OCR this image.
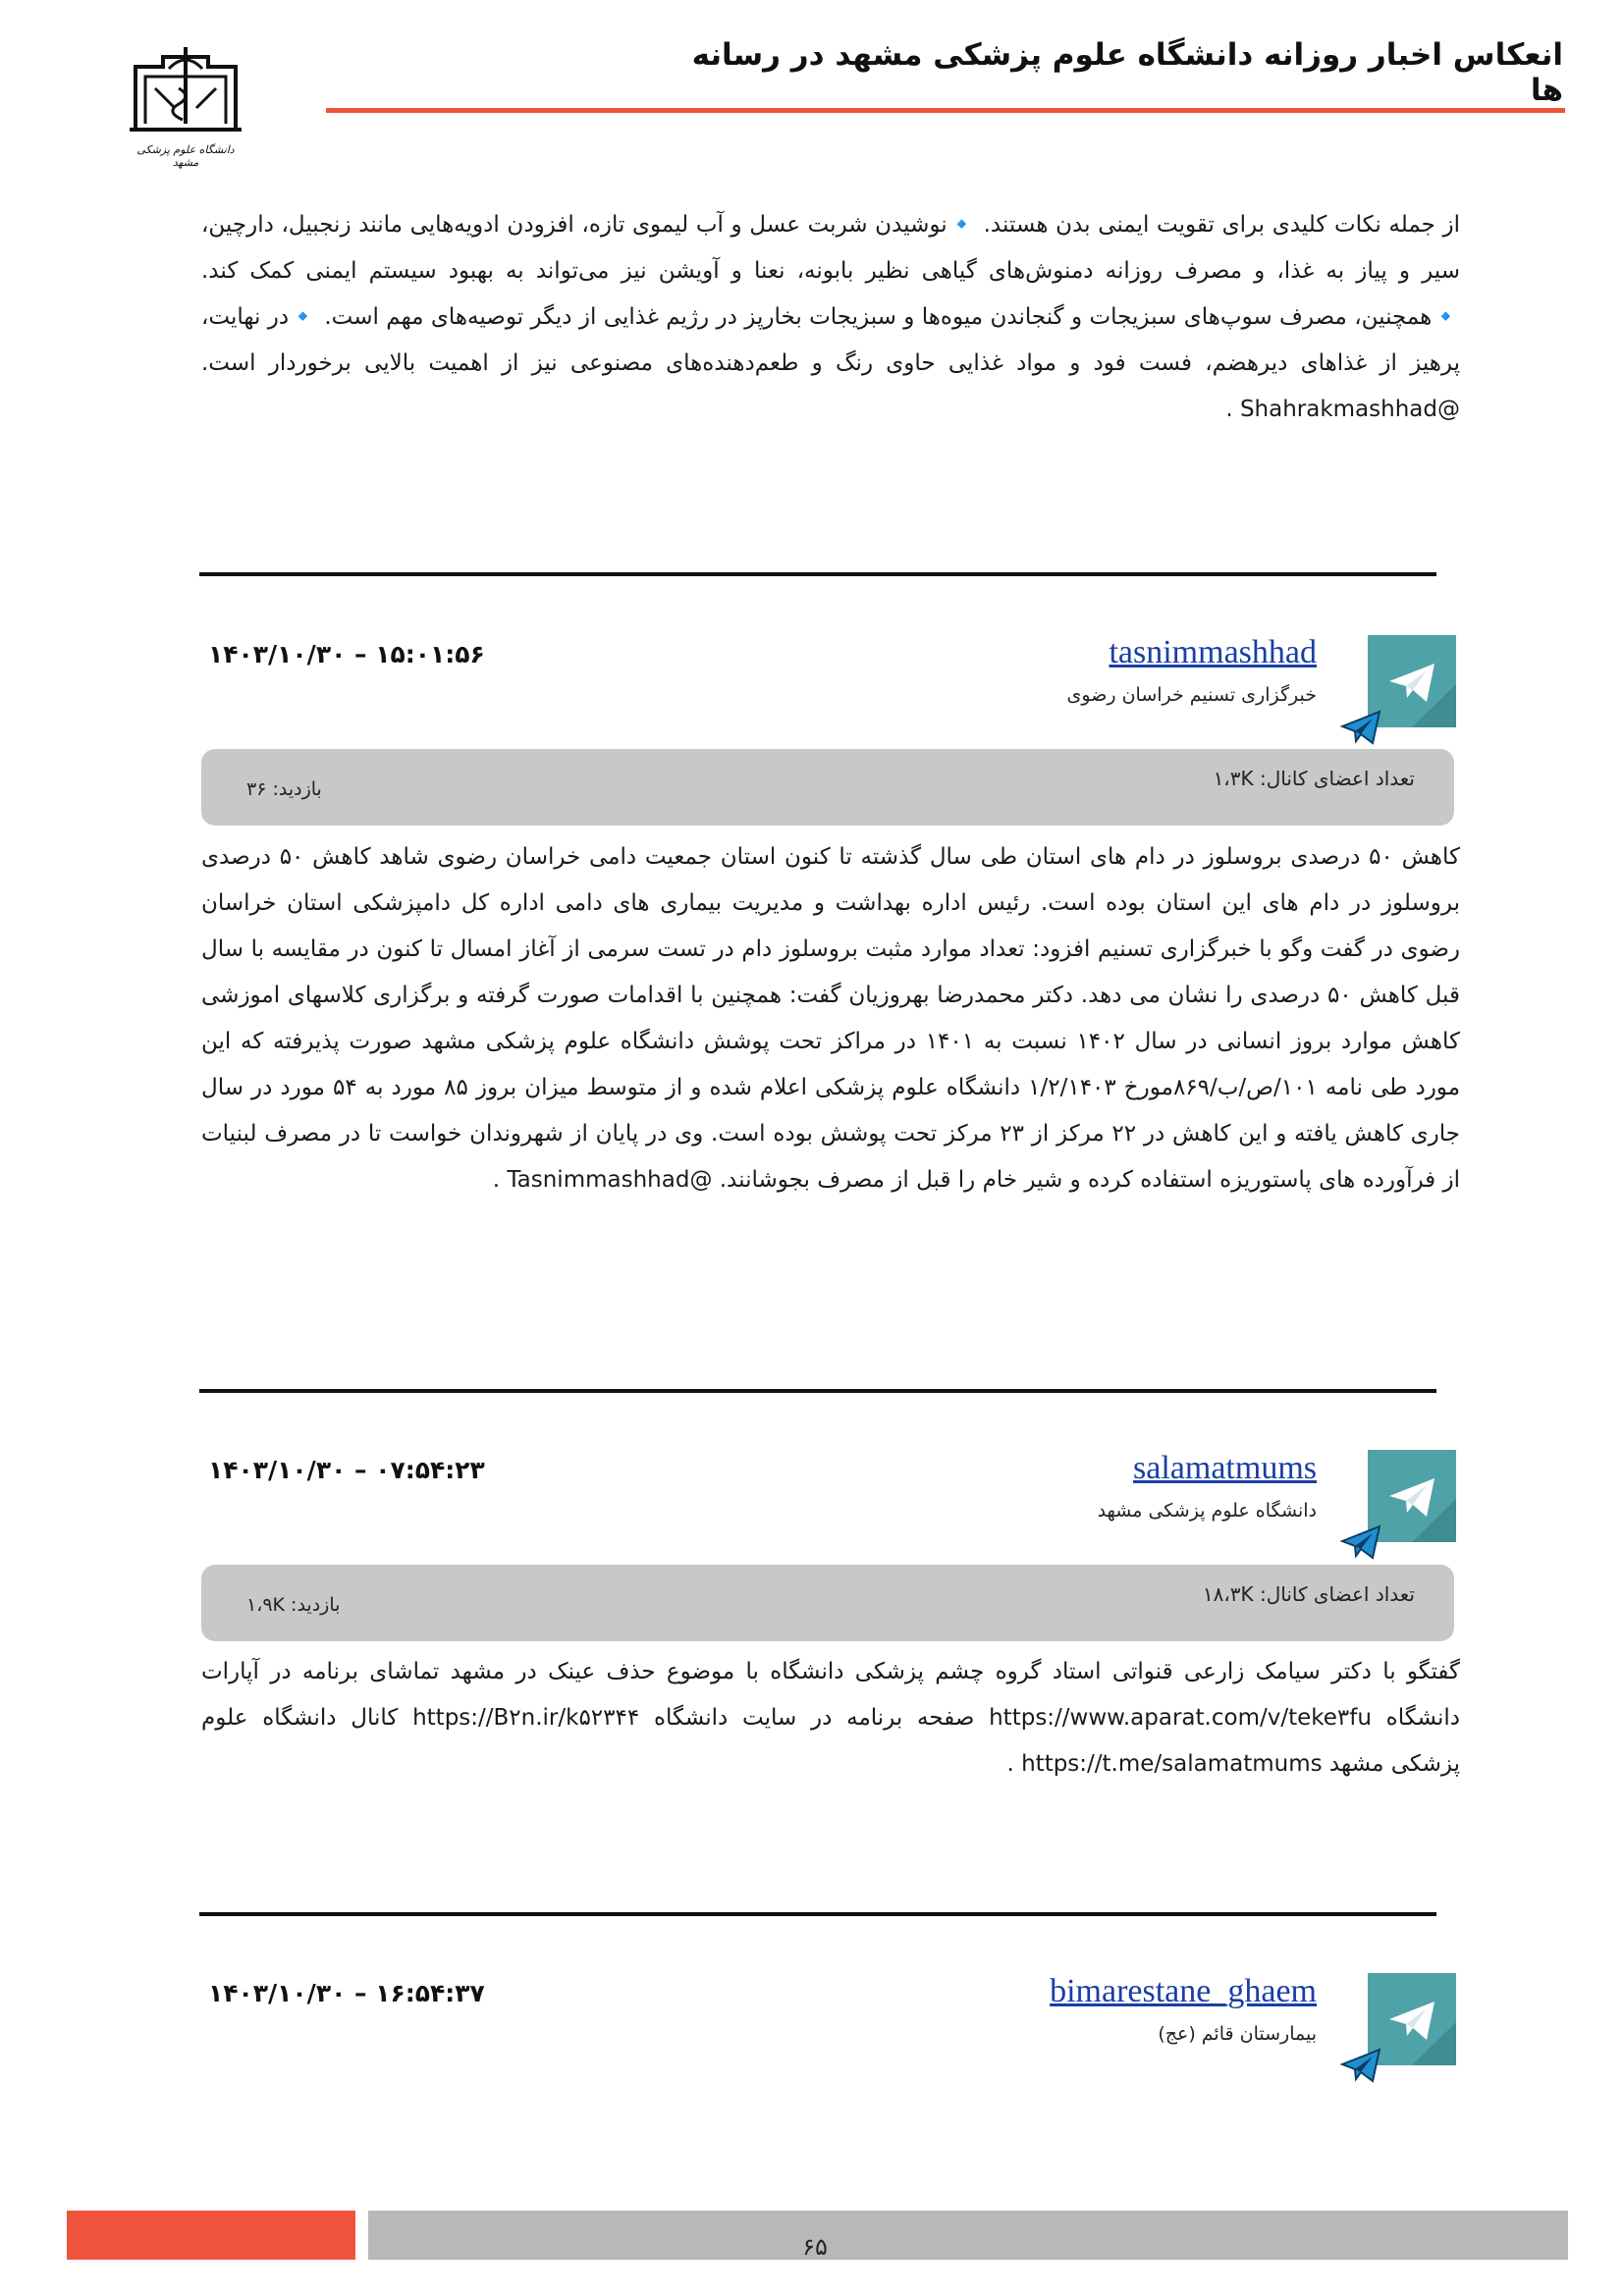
انعکاس اخبار روزانه دانشگاه علوم پزشکی مشهد در رسانه ها
دانشگاه علوم پزشکی مشهد
از جمله نکات کلیدی برای تقویت ایمنی بدن هستند. 🔹نوشیدن شربت عسل و آب لیموی تازه، افزودن ادویه‌هایی مانند زنجبیل، دارچین، سیر و پیاز به غذا، و مصرف روزانه دمنوش‌های گیاهی نظیر بابونه، نعنا و آویشن نیز می‌تواند به بهبود سیستم ایمنی کمک کند. 🔹همچنین، مصرف سوپ‌های سبزیجات و گنجاندن میوه‌ها و سبزیجات بخارپز در رژیم غذایی از دیگر توصیه‌های مهم است. 🔹در نهایت، پرهیز از غذاهای دیرهضم، فست فود و مواد غذایی حاوی رنگ و طعم‌دهنده‌های مصنوعی نیز از اهمیت بالایی برخوردار است. @Shahrakmashhad .
tasnimmashhad
خبرگزاری تسنیم خراسان رضوی
۱۴۰۳/۱۰/۳۰ – ۱۵:۰۱:۵۶
تعداد اعضای کانال: ۱،۳K
بازدید: ۳۶
کاهش ۵۰ درصدی بروسلوز در دام های استان طی سال گذشته تا کنون استان جمعیت دامی خراسان رضوی شاهد کاهش ۵۰ درصدی بروسلوز در دام های این استان بوده است. رئیس اداره بهداشت و مدیریت بیماری های دامی اداره کل دامپزشکی استان خراسان رضوی در گفت وگو با خبرگزاری تسنیم افزود: تعداد موارد مثبت بروسلوز دام در تست سرمی از آغاز امسال تا کنون در مقایسه با سال قبل کاهش ۵۰ درصدی را نشان می دهد. دکتر محمدرضا بهروزیان گفت: همچنین با اقدامات صورت گرفته و برگزاری کلاسهای اموزشی کاهش موارد بروز انسانی در سال ۱۴۰۲ نسبت به ۱۴۰۱ در مراکز تحت پوشش دانشگاه علوم پزشکی مشهد صورت پذیرفته که این مورد طی نامه ۱۰۱/ص/ب/۸۶۹مورخ ۱/۲/۱۴۰۳ دانشگاه علوم پزشکی اعلام شده و از متوسط میزان بروز ۸۵ مورد به ۵۴ مورد در سال جاری کاهش یافته و این کاهش در ۲۲ مرکز از ۲۳ مرکز تحت پوشش بوده است. وی در پایان از شهروندان خواست تا در مصرف لبنیات از فرآورده های پاستوریزه استفاده کرده و شیر خام را قبل از مصرف بجوشانند. @Tasnimmashhad .
salamatmums
دانشگاه علوم پزشکی مشهد
۱۴۰۳/۱۰/۳۰ – ۰۷:۵۴:۲۳
تعداد اعضای کانال: ۱۸،۳K
بازدید: ۱،۹K
گفتگو با دکتر سیامک زارعی قنواتی استاد گروه چشم پزشکی دانشگاه با موضوع حذف عینک در مشهد تماشای برنامه در آپارات دانشگاه https://www.aparat.com/v/teke۳fu صفحه برنامه در سایت دانشگاه https://B۲n.ir/k۵۲۳۴۴ کانال دانشگاه علوم پزشکی مشهد https://t.me/salamatmums .
bimarestane_ghaem
بیمارستان قائم (عج)
۱۴۰۳/۱۰/۳۰ – ۱۶:۵۴:۳۷
۶۵
